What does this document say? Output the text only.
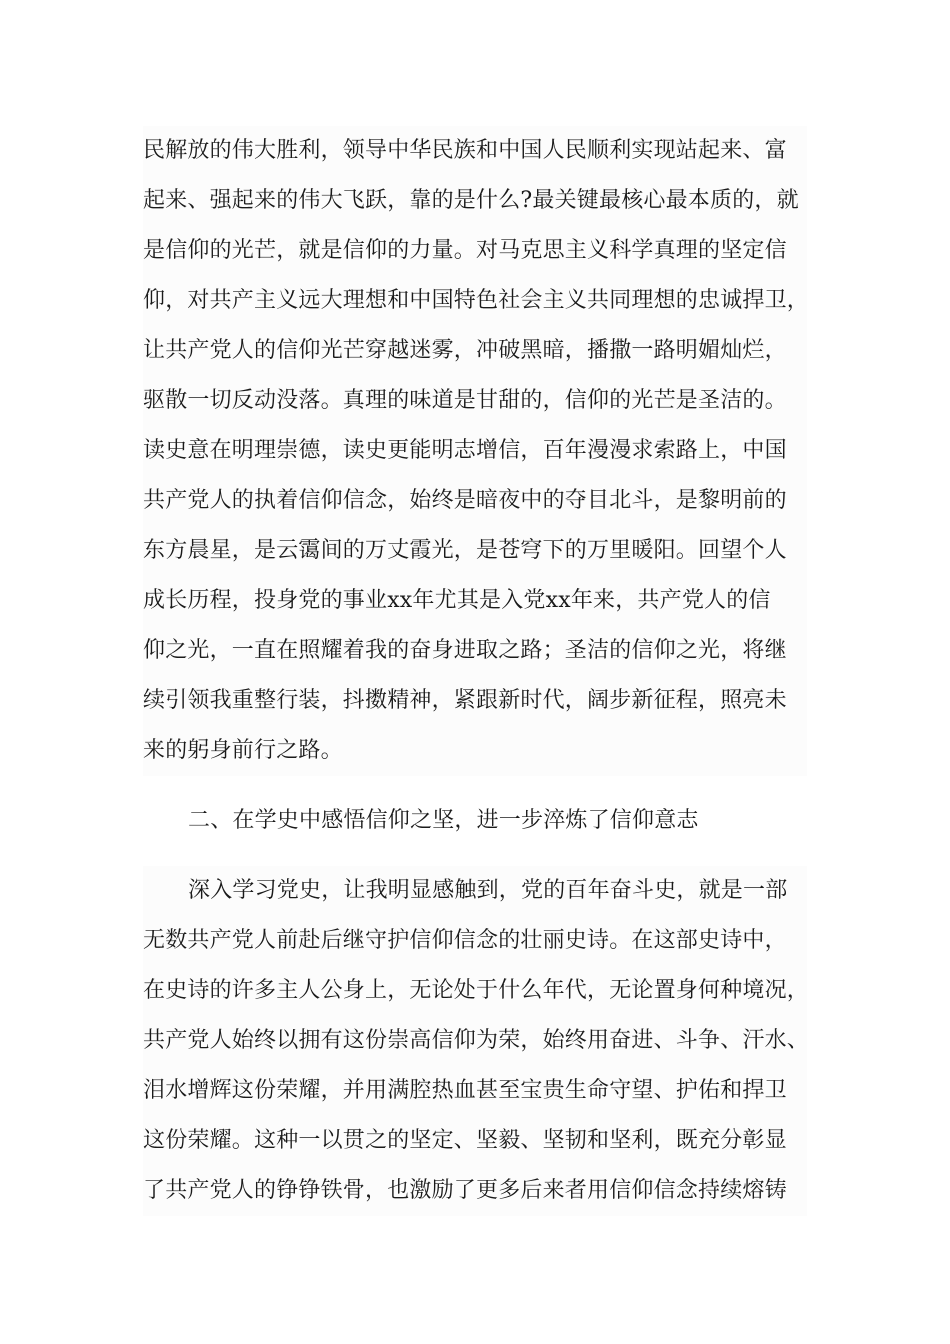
民解放的伟大胜利，领导中华民族和中国人民顺利实现站起来、富
起来、强起来的伟大飞跃，靠的是什么?最关键最核心最本质的，就
是信仰的光芒，就是信仰的力量。对马克思主义科学真理的坚定信
仰，对共产主义远大理想和中国特色社会主义共同理想的忠诚捍卫，
让共产党人的信仰光芒穿越迷雾，冲破黑暗，播撒一路明媚灿烂，
驱散一切反动没落。真理的味道是甘甜的，信仰的光芒是圣洁的。
读史意在明理崇德，读史更能明志增信，百年漫漫求索路上，中国
共产党人的执着信仰信念，始终是暗夜中的夺目北斗，是黎明前的
东方晨星，是云霭间的万丈霞光，是苍穹下的万里暖阳。回望个人
成长历程，投身党的事业xx年尤其是入党xx年来，共产党人的信
仰之光，一直在照耀着我的奋身进取之路；圣洁的信仰之光，将继
续引领我重整行装，抖擞精神，紧跟新时代，阔步新征程，照亮未
来的躬身前行之路。
二、在学史中感悟信仰之坚，进一步淬炼了信仰意志
深入学习党史，让我明显感触到，党的百年奋斗史，就是一部
无数共产党人前赴后继守护信仰信念的壮丽史诗。在这部史诗中，
在史诗的许多主人公身上，无论处于什么年代，无论置身何种境况，
共产党人始终以拥有这份崇高信仰为荣，始终用奋进、斗争、汗水、
泪水增辉这份荣耀，并用满腔热血甚至宝贵生命守望、护佑和捍卫
这份荣耀。这种一以贯之的坚定、坚毅、坚韧和坚利，既充分彰显
了共产党人的铮铮铁骨，也激励了更多后来者用信仰信念持续熔铸
